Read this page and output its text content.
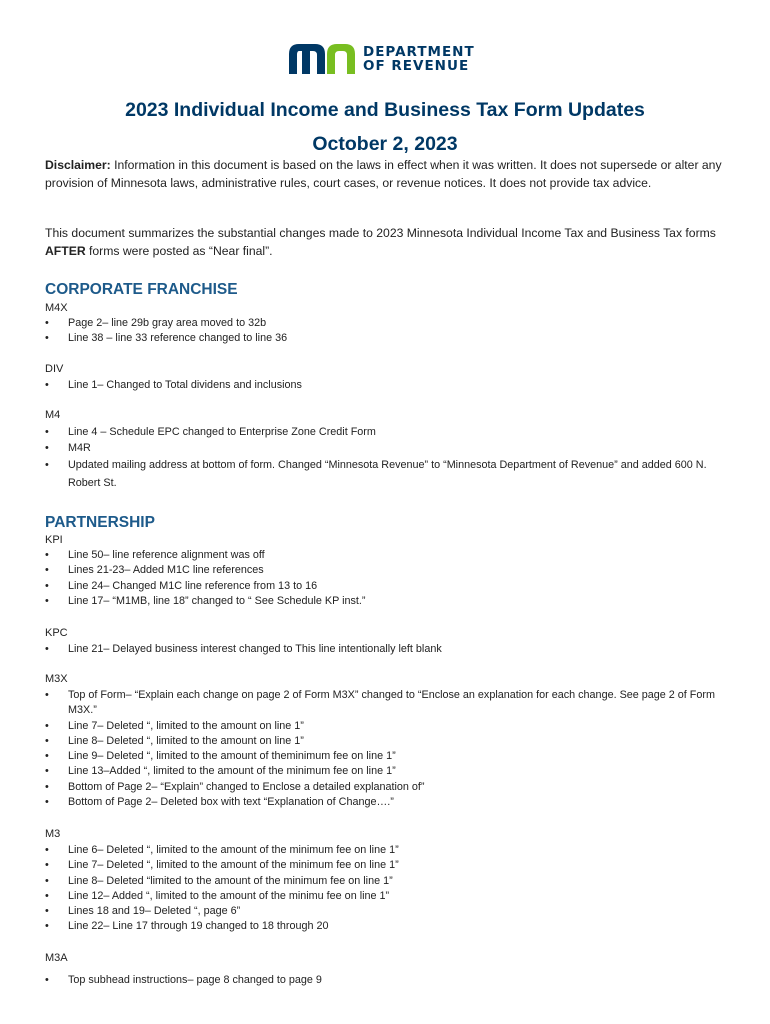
DEPARTMENT
OF REVENUE
2023 Individual Income and Business Tax Form Updates
October 2, 2023
Disclaimer: Information in this document is based on the laws in effect when it was written. It does not supersede or alter any provision of Minnesota laws, administrative rules, court cases, or revenue notices. It does not provide tax advice.
This document summarizes the substantial changes made to 2023 Minnesota Individual Income Tax and Business Tax forms AFTER forms were posted as “Near final”.
CORPORATE FRANCHISE
M4X
• Page 2– line 29b gray area moved to 32b
• Line 38 – line 33 reference changed to line 36
DIV
• Line 1– Changed to Total dividens and inclusions
M4
• Line 4 – Schedule EPC changed to Enterprise Zone Credit Form
• M4R
• Updated mailing address at bottom of form. Changed “Minnesota Revenue” to “Minnesota Department of Revenue” and added 600 N. Robert St.
PARTNERSHIP
KPI
• Line 50– line reference alignment was off
• Lines 21-23– Added M1C line references
• Line 24– Changed M1C line reference from 13 to 16
• Line 17– “M1MB, line 18” changed to “ See Schedule KP inst.”
KPC
• Line 21– Delayed business interest changed to This line intentionally left blank
M3X
• Top of Form– “Explain each change on page 2 of Form M3X” changed to “Enclose an explanation for each change. See page 2 of Form M3X.”
• Line 7– Deleted “, limited to the amount on line 1”
• Line 8– Deleted “, limited to the amount on line 1”
• Line 9– Deleted “, limited to the amount of theminimum fee on line 1”
• Line 13–Added “, limited to the amount of the minimum fee on line 1”
• Bottom of Page 2– “Explain” changed to Enclose a detailed explanation of”
• Bottom of Page 2– Deleted box with text “Explanation of Change….”
M3
• Line 6– Deleted “, limited to the amount of the minimum fee on line 1”
• Line 7– Deleted “, limited to the amount of the minimum fee on line 1”
• Line 8– Deleted “limited to the amount of the minimum fee on line 1”
• Line 12– Added “, limited to the amount of the minimu fee on line 1”
• Lines 18 and 19– Deleted “, page 6”
• Line 22– Line 17 through 19 changed to 18 through 20
M3A
• Top subhead instructions– page 8 changed to page 9
